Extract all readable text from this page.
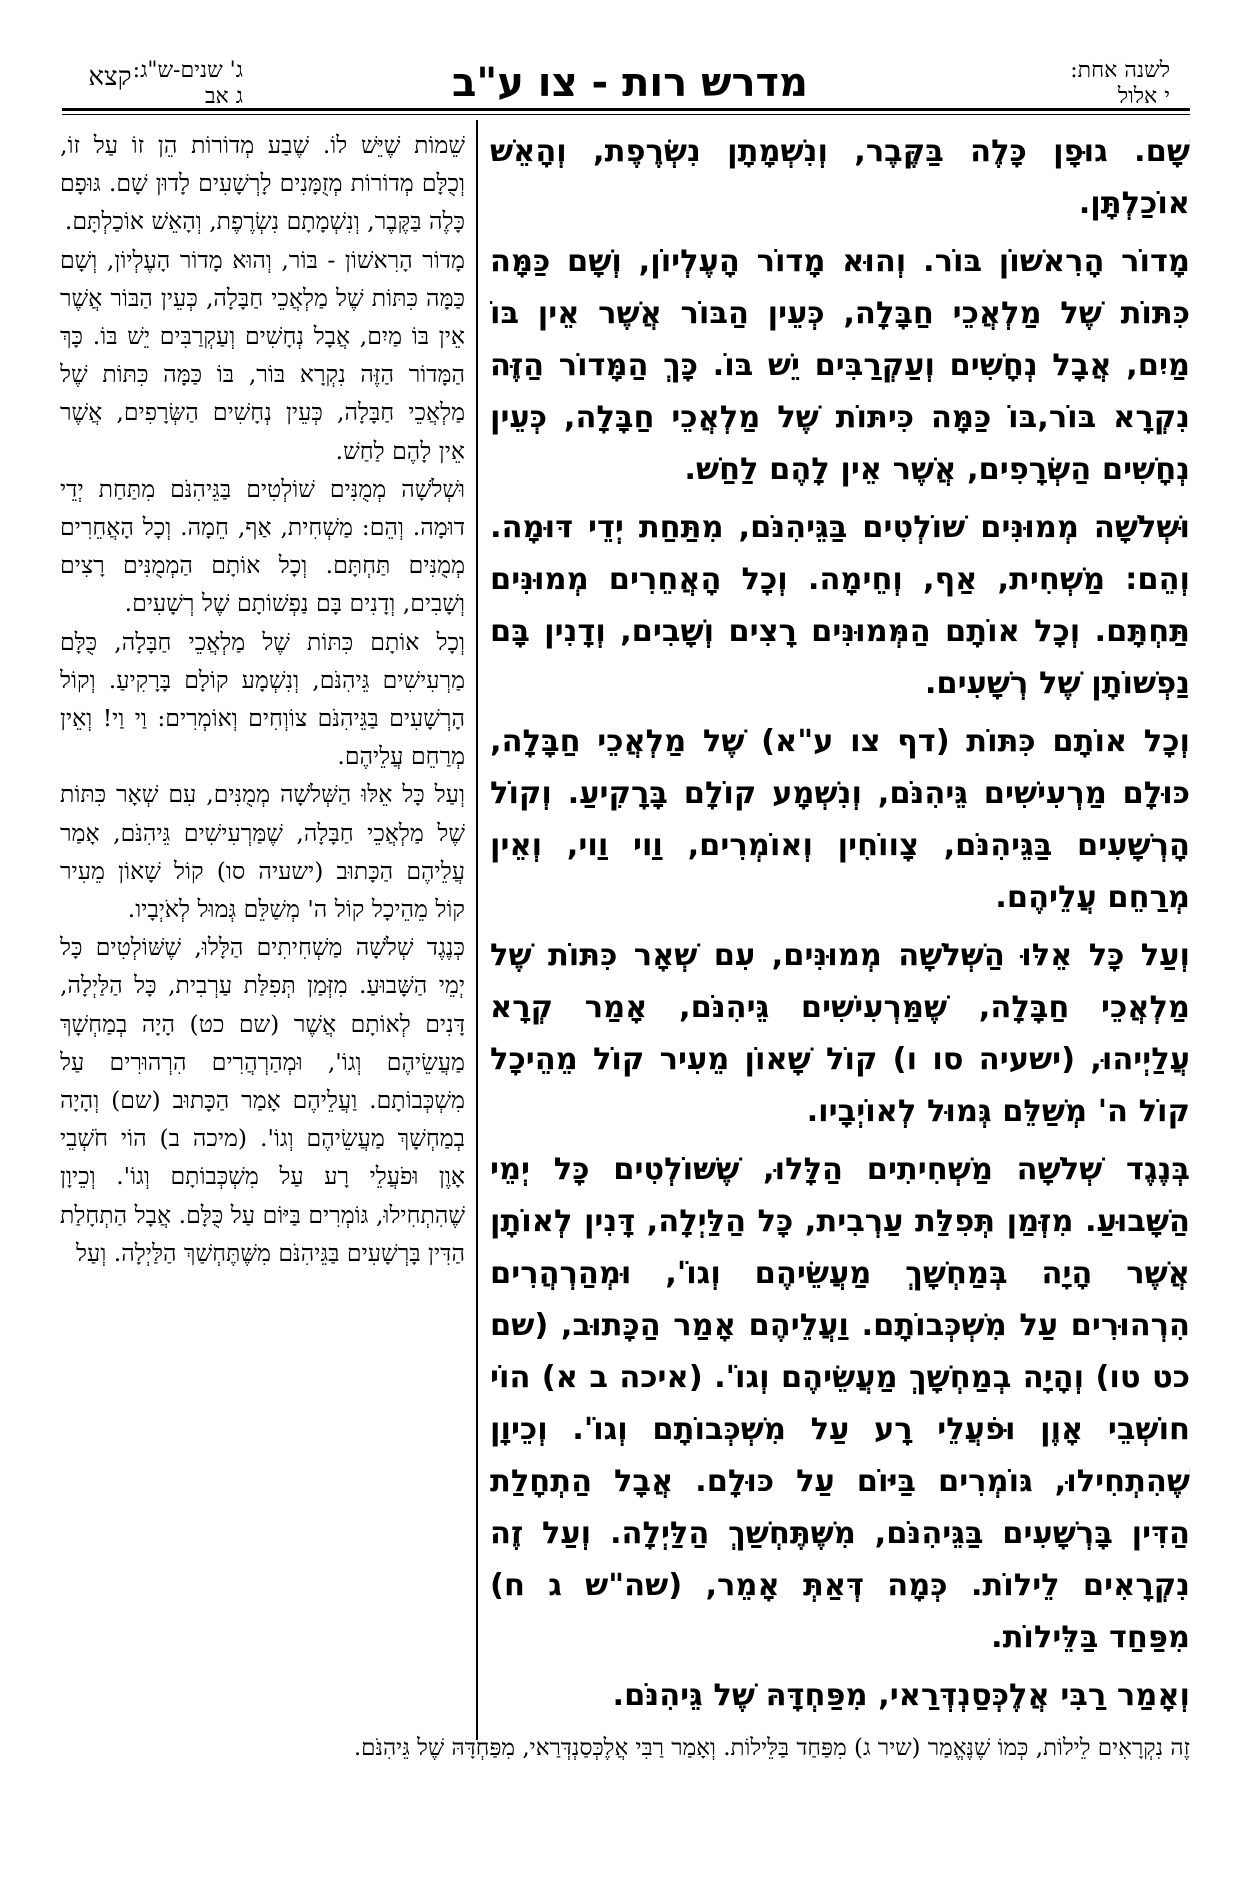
לשנה אחת:
י אלול
מדרש רות - צו ע"ב
ג' שנים-ש"ג:
ג אב
קצא

שָׁם. גוּפָן כָּלֶה בַּקֶּבֶר, וְנִשְׁמָתָן נִשְׂרֶפֶת, וְהָאֵשׁ אוֹכַלְתָּן.

מָדוֹר הָרִאשׁוֹן בּוֹר. וְהוּא מָדוֹר הָעֶלְיוֹן, וְשָׁם כַּמָּה כִּתּוֹת שֶׁל מַלְאֲכֵי חַבָּלָה, כְּעֵין הַבּוֹר אֲשֶׁר אֵין בּוֹ מַיִם, אֲבָל נְחָשִׁים וְעַקְרַבִּים יֵשׁ בּוֹ. כָּךְ הַמָּדוֹר הַזֶּה נִקְרָא בּוֹר,בּוֹ כַּמָּה כִּיתּוֹת שֶׁל מַלְאֲכֵי חַבָּלָה, כְּעֵין נְחָשִׁים הַשְּׂרָפִים, אֲשֶׁר אֵין לָהֶם לַחַשׁ.

וּשְׁלֹשָׁה מְמוּנִּים שׁוֹלְטִים בַּגֵּיהִנֹּם, מִתַּחַת יְדֵי דּוּמָה. וְהֵם: מַשְׁחִית, אַף, וְחֵימָה. וְכָל הָאֲחֵרִים מְמוּנִּים תַּחְתָּם. וְכָל אוֹתָם הַמְּמוּנִּים רָצִים וְשָׁבִים, וְדָנִין בָּם נַפְשׁוֹתָן שֶׁל רְשָׁעִים.

וְכָל אוֹתָם כִּתּוֹת (דף צו ע"א) שֶׁל מַלְאֲכֵי חַבָּלָה, כּוּלָם מַרְעִישִׁים גֵּיהִנֹּם, וְנִשְׁמָע קוֹלָם בָּרָקִיעַ. וְקוֹל הָרְשָׁעִים בַּגֵּיהִנֹּם, צָווֹחִין וְאוֹמְרִים, וַוי וַוי, וְאֵין מְרַחֵם עֲלֵיהֶם.

וְעַל כָּל אֵלּוּ הַשְּׁלֹשָׁה מְמוּנִּים, עִם שְׁאָר כִּתּוֹת שֶׁל מַלְאֲכֵי חַבָּלָה, שֶׁמַּרְעִישִׁים גֵּיהִנֹּם, אָמַר קְרָא עֲלַיְיהוּ, (ישעיה סו ו) קוֹל שָׁאוֹן מֵעִיר קוֹל מֵהֵיכָל קוֹל ה' מְשַׁלֵּם גְּמוּל לְאוֹיְבָיו.

בְּנֶגֶד שְׁלֹשָׁה מַשְׁחִיתִים הַלָּלוּ, שֶׁשּׁוֹלְטִים כָּל יְמֵי הַשָּׁבוּעַ. מִזְּמַן תְּפִלַּת עַרְבִית, כָּל הַלַּיְלָה, דָּנִין לְאוֹתָן אֲשֶׁר הָיָה בְּמַחְשָׁךְ מַעֲשֵׂיהֶם וְגוֹ', וּמְהַרְהֲרִים הִרְהוּרִים עַל מִשְׁכְּבוֹתָם. וַעֲלֵיהֶם אָמַר הַכָּתוּב, (שם כט טו) וְהָיָה בְמַחְשָׁךְ מַעֲשֵׂיהֶם וְגוֹ'. (איכה ב א) הוֹי חוֹשְׁבֵי אָוֶן וּפֹעֲלֵי רָע עַל מִשְׁכְּבוֹתָם וְגוֹ'. וְכֵיוָן שֶׁהִתְחִילוּ, גּוֹמְרִים בַּיּוֹם עַל כּוּלָם. אֲבָל הַתְחָלַת הַדִּין בָּרְשָׁעִים בַּגֵּיהִנֹּם, מִשֶּׁתֶּחְשַׁךְ הַלַּיְלָה. וְעַל זֶה נִקְרָאִים לֵילוֹת. כְּמָה דְּאַתְּ אָמֵר, (שה"ש ג ח) מִפַּחַד בַּלֵּילוֹת.

וְאָמַר רַבִּי אֲלֶכְּסַנְדְּרַאי, מִפַּחְדָּהּ שֶׁל גֵּיהִנֹּם.

שֵׁמוֹת שֶׁיֵּשׁ לוֹ. שֶׁבַע מְדוֹרוֹת הֵן זוֹ עַל זוֹ, וְכֻלָּם מְדוֹרוֹת מְזֻמָּנִים לָרְשָׁעִים לָדוּן שָׁם. גּוּפָם כָּלֶה בַּקֶּבֶר, וְנִשְׁמָתָם נִשְׂרֶפֶת, וְהָאֵשׁ אוֹכַלְתָּם.

מָדוֹר הָרִאשׁוֹן - בּוֹר, וְהוּא מָדוֹר הָעֶלְיוֹן, וְשָׁם כַּמָּה כִּתּוֹת שֶׁל מַלְאֲכֵי חַבָּלָה, כְּעֵין הַבּוֹר אֲשֶׁר אֵין בּוֹ מַיִם, אֲבָל נְחָשִׁים וְעַקְרַבִּים יֵשׁ בּוֹ. כָּךְ הַמָּדוֹר הַזֶּה נִקְרָא בּוֹר, בּוֹ כַּמָּה כִּתּוֹת שֶׁל מַלְאֲכֵי חַבָּלָה, כְּעֵין נְחָשִׁים הַשְּׂרָפִים, אֲשֶׁר אֵין לָהֶם לַחַשׁ.

וּשְׁלֹשָׁה מְמֻנִּים שׁוֹלְטִים בַּגֵּיהִנֹּם מִתַּחַת יְדֵי דוּמָה. וְהֵם: מַשְׁחִית, אַף, חֵמָה. וְכָל הָאֲחֵרִים מְמֻנִּים תַּחְתָּם. וְכָל אוֹתָם הַמְמֻנִּים רָצִים וְשָׁבִים, וְדָנִים בָּם נַפְשׁוֹתָם שֶׁל רְשָׁעִים.

וְכָל אוֹתָם כִּתּוֹת שֶׁל מַלְאֲכֵי חַבָּלָה, כֻּלָּם מַרְעִישִׁים גֵּיהִנֹּם, וְנִשְׁמָע קוֹלָם בָּרָקִיעַ. וְקוֹל הָרְשָׁעִים בַּגֵּיהִנֹּם צוֹוְחִים וְאוֹמְרִים: וַי וַי! וְאֵין מְרַחֵם עֲלֵיהֶם.

וְעַל כָּל אֵלּוּ הַשְּׁלֹשָׁה מְמֻנִּים, עִם שְׁאָר כִּתּוֹת שֶׁל מַלְאֲכֵי חַבָּלָה, שֶׁמַּרְעִישִׁים גֵּיהִנֹּם, אָמַר עֲלֵיהֶם הַכָּתוּב (ישעיה סו) קוֹל שָׁאוֹן מֵעִיר קוֹל מֵהֵיכָל קוֹל ה' מְשַׁלֵּם גְּמוּל לְאֹיְבָיו.

כְּנֶגֶד שְׁלֹשָׁה מַשְׁחִיתִים הַלָּלוּ, שֶׁשּׁוֹלְטִים כָּל יְמֵי הַשָּׁבוּעַ. מִזְּמַן תְּפִלַּת עַרְבִית, כָּל הַלַּיְלָה, דָּנִים לְאוֹתָם אֲשֶׁר (שם כט) הָיָה בְמַחְשָׁךְ מַעֲשֵׂיהֶם וְגוֹ', וּמְהַרְהֲרִים הִרְהוּרִים עַל מִשְׁכְּבוֹתָם. וַעֲלֵיהֶם אָמַר הַכָּתוּב (שם) וְהָיָה בְמַחְשָׁךְ מַעֲשֵׂיהֶם וְגוֹ'. (מיכה ב) הוֹי חֹשְׁבֵי אָוֶן וּפֹעֲלֵי רָע עַל מִשְׁכְּבוֹתָם וְגוֹ'. וְכֵיוָן שֶׁהִתְחִילוּ, גּוֹמְרִים בַּיּוֹם עַל כֻּלָּם. אֲבָל הַתְחָלַת הַדִּין בָּרְשָׁעִים בַּגֵּיהִנֹּם מִשֶּׁתֶּחְשַׁךְ הַלַּיְלָה. וְעַל

זֶה נִקְרָאִים לֵילוֹת, כְּמוֹ שֶׁנֶּאֱמַר (שיר ג) מִפַּחַד בַּלֵּילוֹת. וְאָמַר רַבִּי אֲלֶכְּסַנְדְּרַאי, מִפַּחְדָּהּ שֶׁל גֵּיהִנֹּם.
